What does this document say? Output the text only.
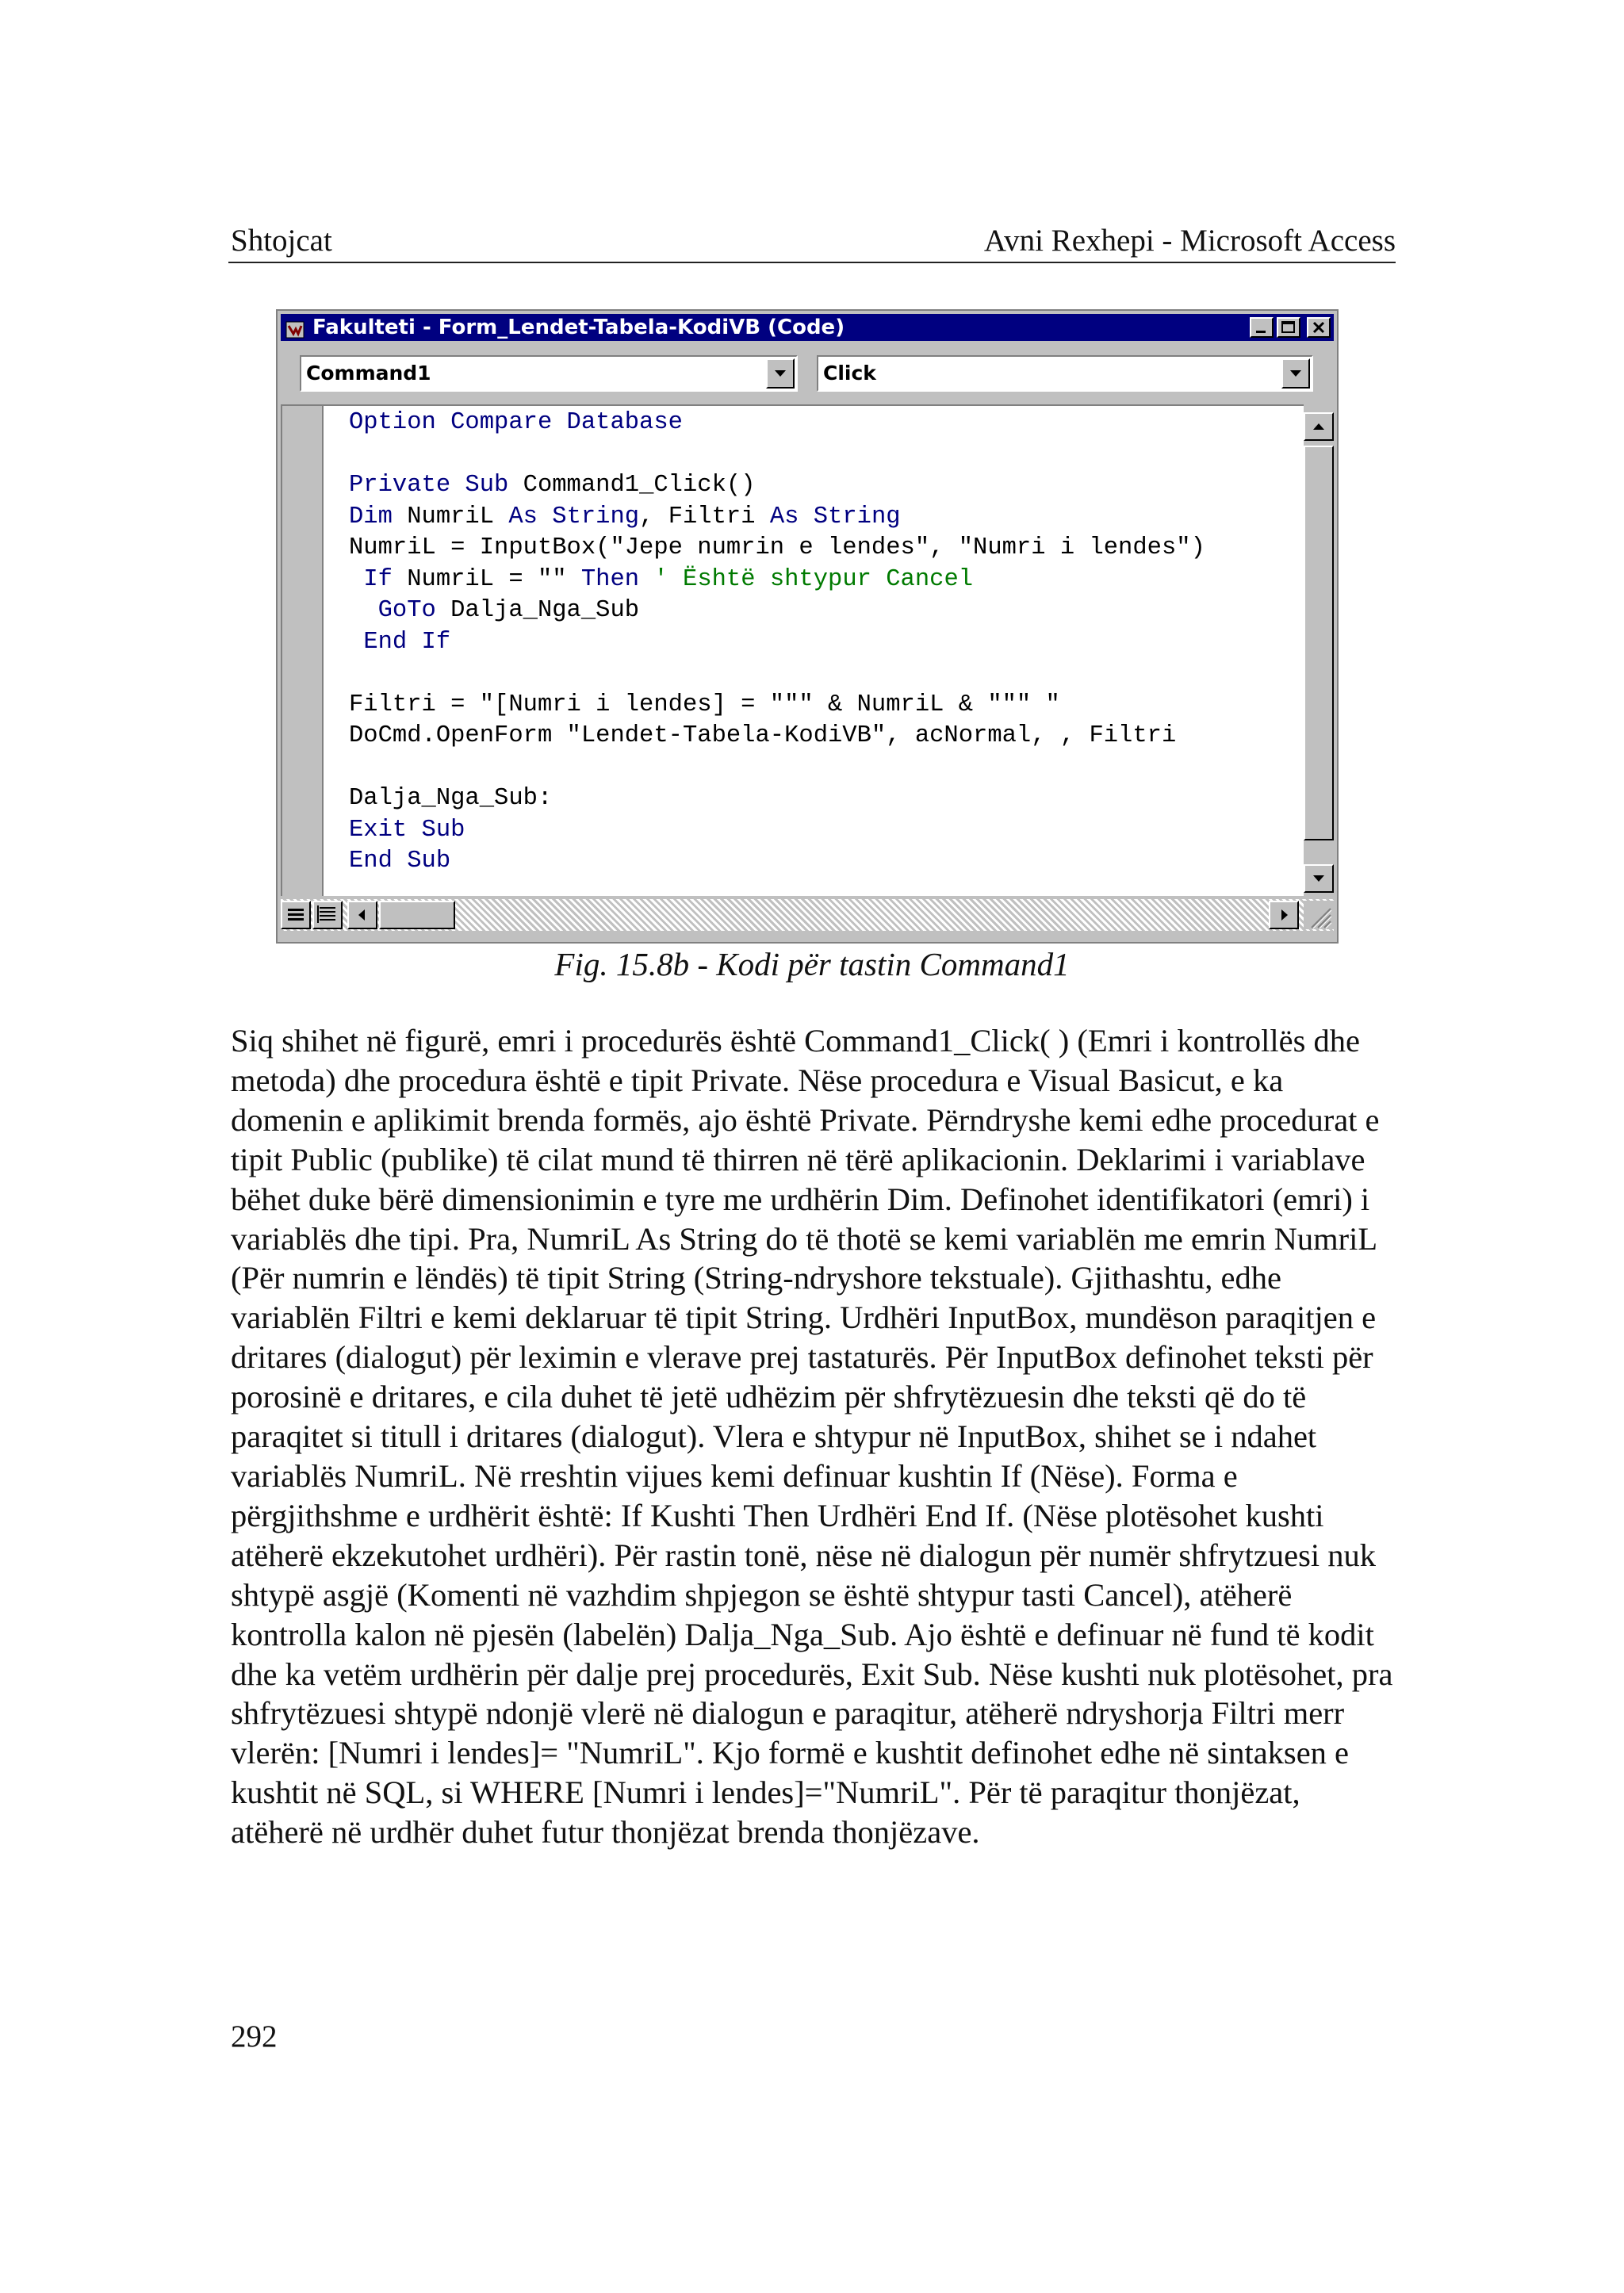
Shtojcat	Avni Rexhepi - Microsoft Access
Fakulteti - Form_Lendet-Tabela-KodiVB (Code)
Command1	Click
Option Compare Database

Private Sub Command1_Click()
Dim NumriL As String, Filtri As String
NumriL = InputBox("Jepe numrin e lendes", "Numri i lendes")
If NumriL = "" Then ' Është shtypur Cancel
GoTo Dalja_Nga_Sub
End If

Filtri = "[Numri i lendes] = """ & NumriL & """ "
DoCmd.OpenForm "Lendet-Tabela-KodiVB", acNormal, , Filtri

Dalja_Nga_Sub:
Exit Sub
End Sub
Fig. 15.8b - Kodi për tastin Command1

Siq shihet në figurë, emri i procedurës është Command1_Click( ) (Emri i kontrollës dhe metoda) dhe procedura është e tipit Private. Nëse procedura e Visual Basicut, e ka domenin e aplikimit brenda formës, ajo është Private. Përndryshe kemi edhe procedurat e tipit Public (publike) të cilat mund të thirren në tërë aplikacionin. Deklarimi i variablave bëhet duke bërë dimensionimin e tyre me urdhërin Dim. Definohet identifikatori (emri) i variablës dhe tipi. Pra, NumriL As String do të thotë se kemi variablën me emrin NumriL (Për numrin e lëndës) të tipit String (String-ndryshore tekstuale). Gjithashtu, edhe variablën Filtri e kemi deklaruar të tipit String. Urdhëri InputBox, mundëson paraqitjen e dritares (dialogut) për leximin e vlerave prej tastaturës. Për InputBox definohet teksti për porosinë e dritares, e cila duhet të jetë udhëzim për shfrytëzuesin dhe teksti që do të paraqitet si titull i dritares (dialogut). Vlera e shtypur në InputBox, shihet se i ndahet variablës NumriL. Në rreshtin vijues kemi definuar kushtin If (Nëse). Forma e përgjithshme e urdhërit është: If Kushti Then Urdhëri End If. (Nëse plotësohet kushti atëherë ekzekutohet urdhëri). Për rastin tonë, nëse në dialogun për numër shfrytzuesi nuk shtypë asgjë (Komenti në vazhdim shpjegon se është shtypur tasti Cancel), atëherë kontrolla kalon në pjesën (labelën) Dalja_Nga_Sub. Ajo është e definuar në fund të kodit dhe ka vetëm urdhërin për dalje prej procedurës, Exit Sub. Nëse kushti nuk plotësohet, pra shfrytëzuesi shtypë ndonjë vlerë në dialogun e paraqitur, atëherë ndryshorja Filtri merr vlerën: [Numri i lendes]= "NumriL". Kjo formë e kushtit definohet edhe në sintaksen e kushtit në SQL, si WHERE [Numri i lendes]="NumriL". Për të paraqitur thonjëzat, atëherë në urdhër duhet futur thonjëzat brenda thonjëzave.

292
